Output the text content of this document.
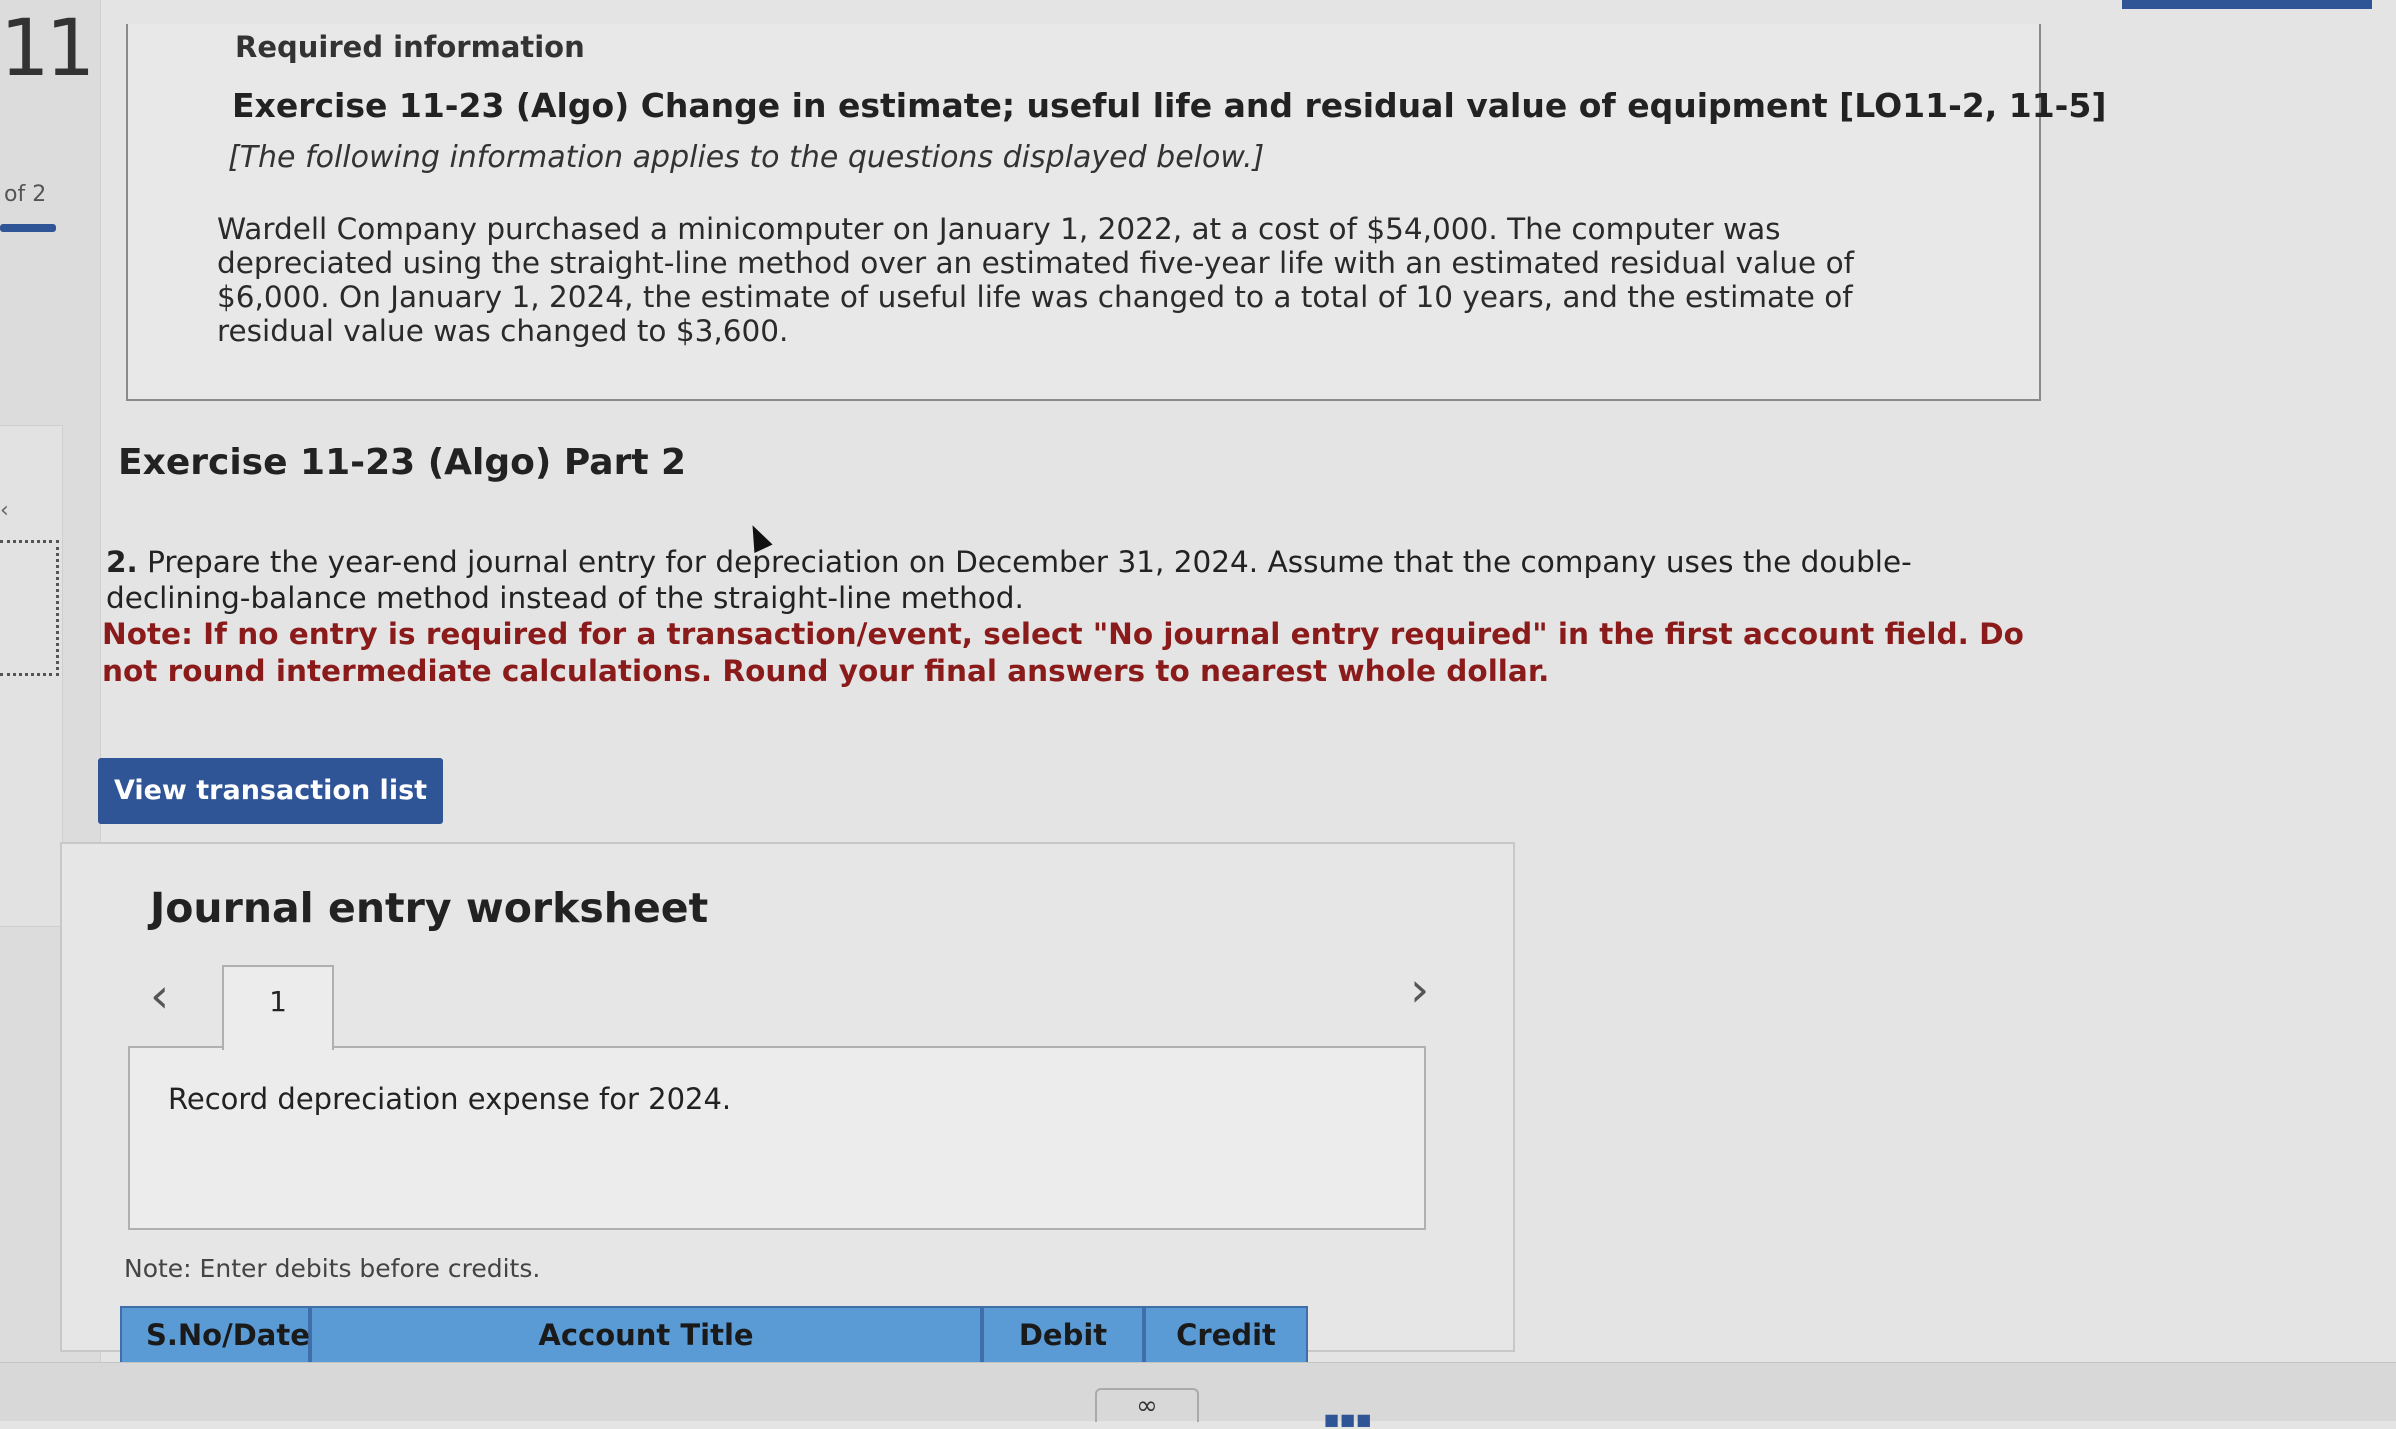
11
of 2
‹
Required information
Exercise 11-23 (Algo) Change in estimate; useful life and residual value of equipment [LO11-2, 11-5]
[The following information applies to the questions displayed below.]
Wardell Company purchased a minicomputer on January 1, 2022, at a cost of $54,000. The computer was depreciated using the straight-line method over an estimated five-year life with an estimated residual value of $6,000. On January 1, 2024, the estimate of useful life was changed to a total of 10 years, and the estimate of residual value was changed to $3,600.
Exercise 11-23 (Algo) Part 2
2. Prepare the year-end journal entry for depreciation on December 31, 2024. Assume that the company uses the double-declining-balance method instead of the straight-line method.
Note: If no entry is required for a transaction/event, select "No journal entry required" in the first account field. Do not round intermediate calculations. Round your final answers to nearest whole dollar.
View transaction list
Journal entry worksheet
‹	›
1
Record depreciation expense for 2024.
Note: Enter debits before credits.
S.No/Date	Account Title	Debit	Credit
∞	■■■
